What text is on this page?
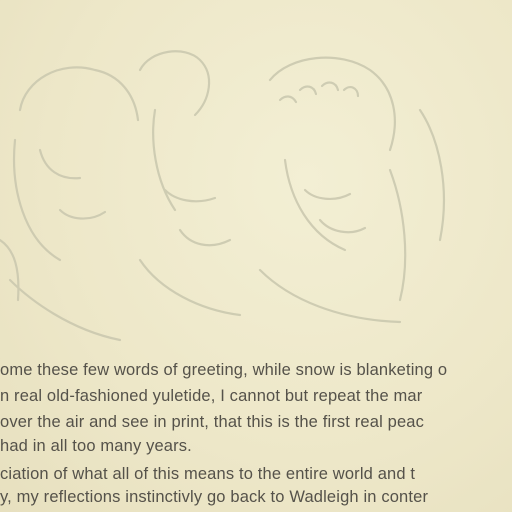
ome these few words of greeting, while snow is blanketing o
n real old-fashioned yuletide, I cannot but repeat the mar
over the air and see in print, that this is the first real peac
had in all too many years.
ciation of what all of this means to the entire world and t
y, my reflections instinctivly go back to Wadleigh in conter
